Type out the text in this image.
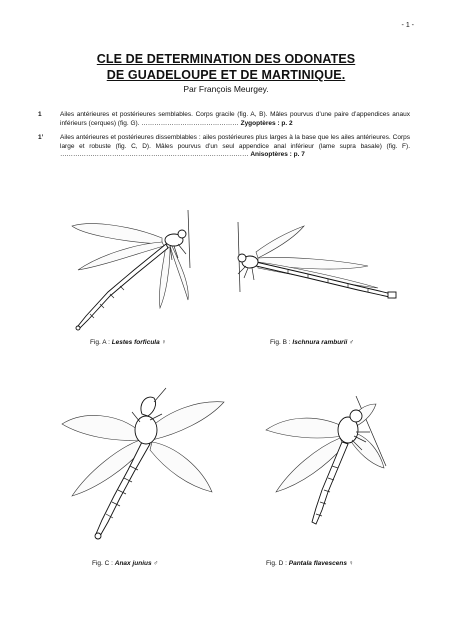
- 1 -
CLE DE DETERMINATION DES ODONATES
DE GUADELOUPE ET DE MARTINIQUE.
Par François Meurgey.
1	Ailes antérieures et postérieures semblables. Corps gracile (fig. A, B). Mâles pourvus d’une paire d’appendices anaux inférieurs (cerques) (fig. G). ……………………………………… Zygoptères : p. 2
1’	Ailes antérieures et postérieures dissemblables : ailes postérieures plus larges à la base que les ailes antérieures. Corps large et robuste (fig. C, D). Mâles pourvus d’un seul appendice anal inférieur (lame supra basale) (fig. F). …………………………………………………………………………… Anisoptères : p. 7
Fig. A : Lestes forficula ♀	Fig. B : Ischnura ramburii ♂
Fig. C : Anax junius ♂	Fig. D : Pantala flavescens ♀
